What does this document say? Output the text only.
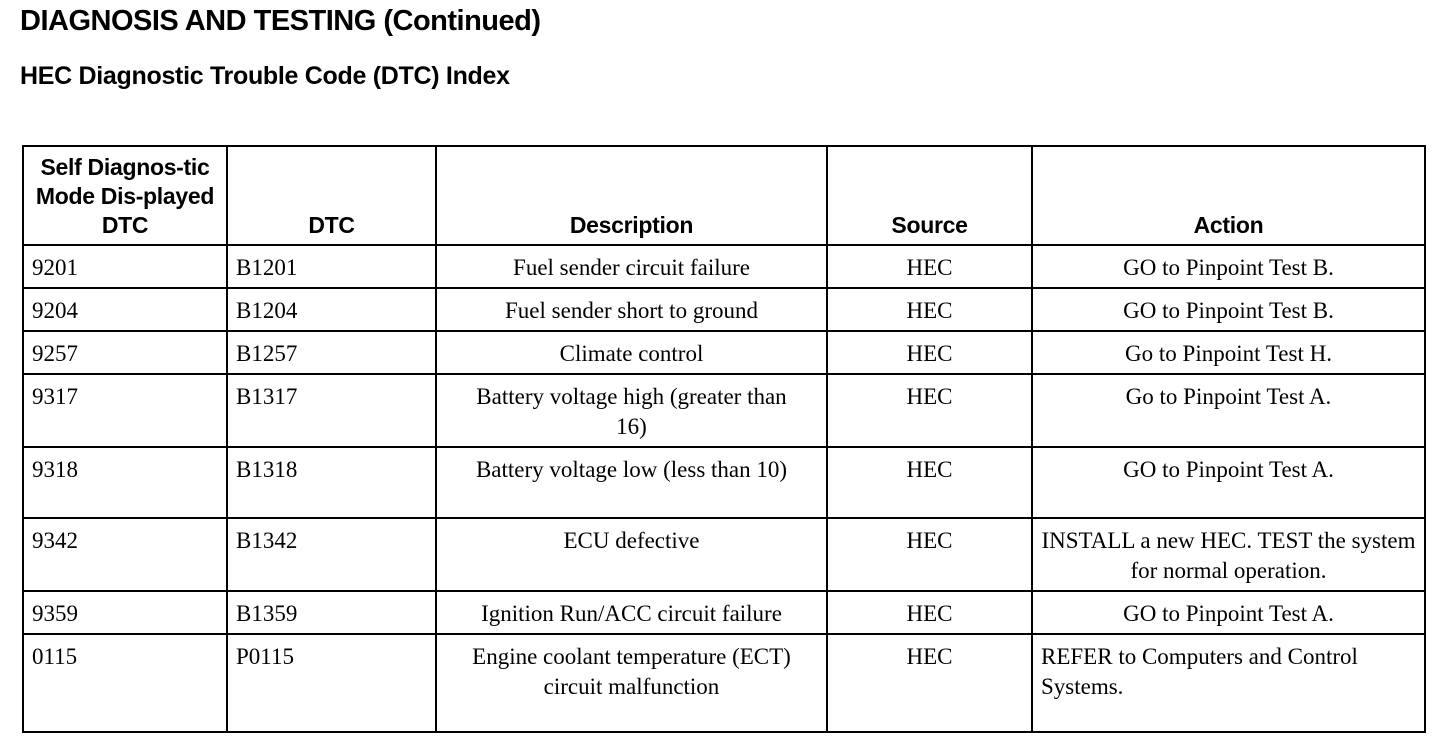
DIAGNOSIS AND TESTING (Continued)
HEC Diagnostic Trouble Code (DTC) Index
Self Diagnos-tic Mode Dis-played DTC	DTC	Description	Source	Action
9201	B1201	Fuel sender circuit failure	HEC	GO to Pinpoint Test B.
9204	B1204	Fuel sender short to ground	HEC	GO to Pinpoint Test B.
9257	B1257	Climate control	HEC	Go to Pinpoint Test H.
9317	B1317	Battery voltage high (greater than 16)	HEC	Go to Pinpoint Test A.
9318	B1318	Battery voltage low (less than 10)	HEC	GO to Pinpoint Test A.
9342	B1342	ECU defective	HEC	INSTALL a new HEC. TEST the system for normal operation.
9359	B1359	Ignition Run/ACC circuit failure	HEC	GO to Pinpoint Test A.
0115	P0115	Engine coolant temperature (ECT) circuit malfunction	HEC	REFER to Computers and Control Systems.
